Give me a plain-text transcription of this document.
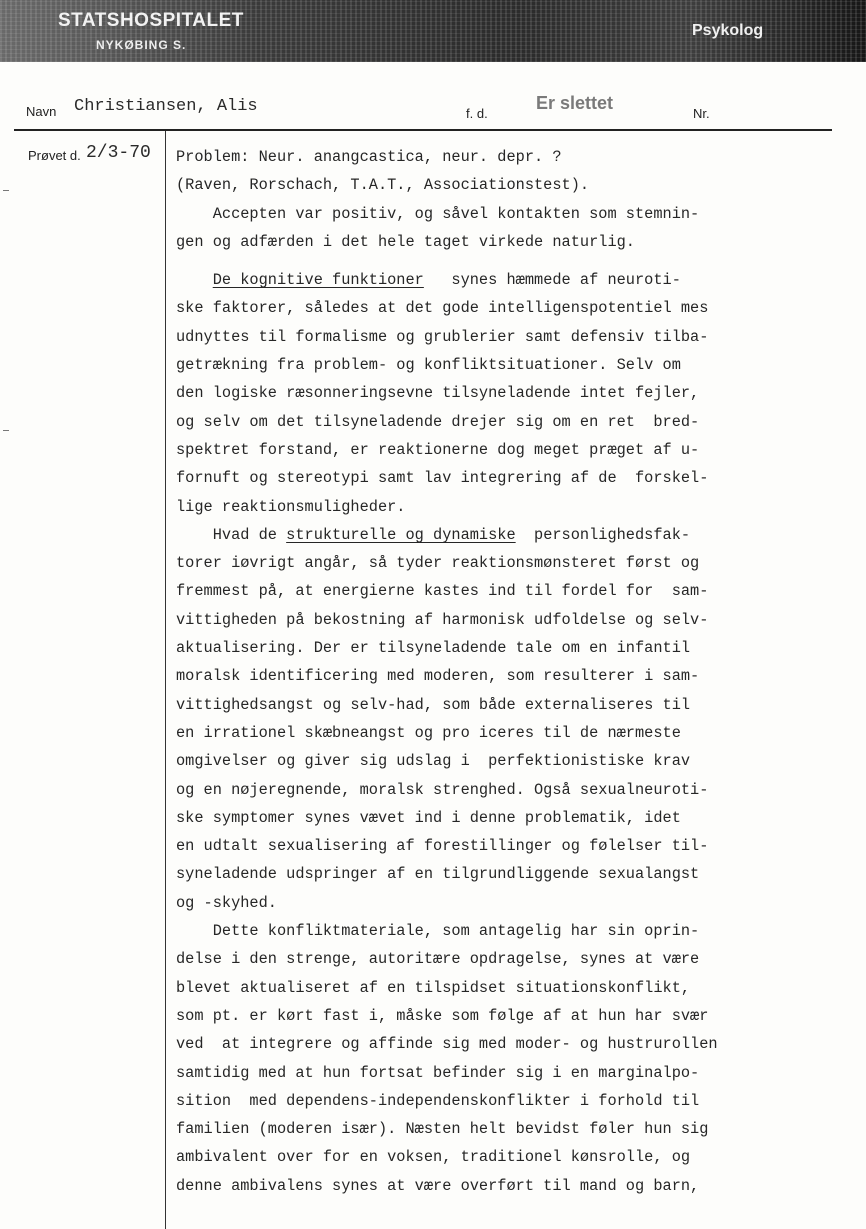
STATSHOSPITALET
NYKØBING S.
Psykolog
Navn Christiansen, Alis	f. d.
Er slettet
Nr.
Prøvet d. 2/3-70 Problem: Neur. anangcastica, neur. depr. ?
(Raven, Rorschach, T.A.T., Associationstest).
Accepten var positiv, og såvel kontakten som stemnin-
gen og adfærden i det hele taget virkede naturlig.
De kognitive funktioner   synes hæmmede af neuroti-
ske faktorer, således at det gode intelligenspotentiel mes
udnyttes til formalisme og grublerier samt defensiv tilba-
getrækning fra problem- og konfliktsituationer. Selv om
den logiske ræsonneringsevne tilsyneladende intet fejler,
og selv om det tilsyneladende drejer sig om en ret  bred-
spektret forstand, er reaktionerne dog meget præget af u-
fornuft og stereotypi samt lav integrering af de  forskel-
lige reaktionsmuligheder.
Hvad de strukturelle og dynamiske  personlighedsfak-
torer iøvrigt angår, så tyder reaktionsmønsteret først og
fremmest på, at energierne kastes ind til fordel for  sam-
vittigheden på bekostning af harmonisk udfoldelse og selv-
aktualisering. Der er tilsyneladende tale om en infantil
moralsk identificering med moderen, som resulterer i sam-
vittighedsangst og selv-had, som både externaliseres til
en irrationel skæbneangst og pro iceres til de nærmeste
omgivelser og giver sig udslag i  perfektionistiske krav
og en nøjeregnende, moralsk strenghed. Også sexualneuroti-
ske symptomer synes vævet ind i denne problematik, idet
en udtalt sexualisering af forestillinger og følelser til-
syneladende udspringer af en tilgrundliggende sexualangst
og -skyhed.
Dette konfliktmateriale, som antagelig har sin oprin-
delse i den strenge, autoritære opdragelse, synes at være
blevet aktualiseret af en tilspidset situationskonflikt,
som pt. er kørt fast i, måske som følge af at hun har svær
ved  at integrere og affinde sig med moder- og hustrurollen
samtidig med at hun fortsat befinder sig i en marginalpo-
sition  med dependens-independenskonflikter i forhold til
familien (moderen især). Næsten helt bevidst føler hun sig
ambivalent over for en voksen, traditionel kønsrolle, og
denne ambivalens synes at være overført til mand og barn,
